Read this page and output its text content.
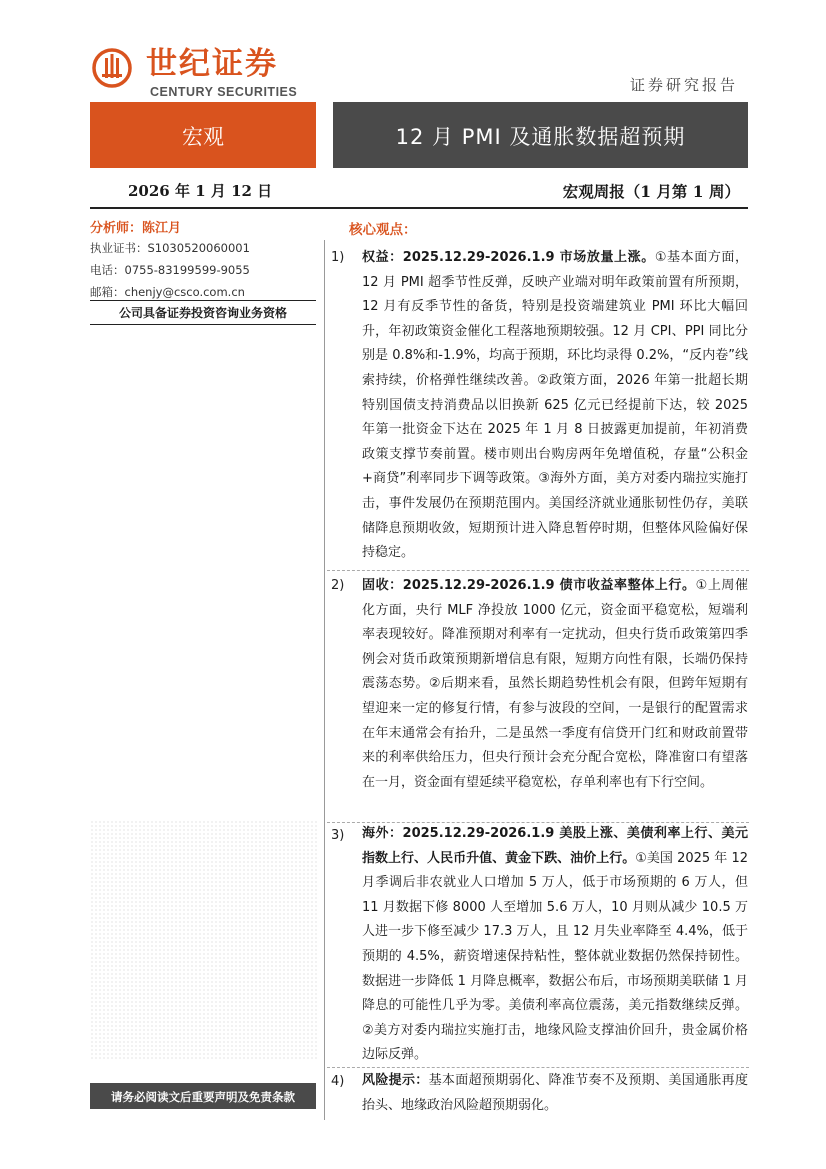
世纪证券
CENTURY SECURITIES	证券研究报告
宏观	12 月 PMI 及通胀数据超预期
2026 年 1 月 12 日	宏观周报（1 月第 1 周）
分析师：陈江月
执业证书：S1030520060001
电话：0755-83199599-9055
邮箱：chenjy@csco.com.cn
公司具备证券投资咨询业务资格
请务必阅读文后重要声明及免责条款
核心观点：
1) 权益：2025.12.29-2026.1.9 市场放量上涨。①基本面方面，12 月 PMI 超季节性反弹，反映产业端对明年政策前置有所预期， 12 月有反季节性的备货，特别是投资端建筑业 PMI 环比大幅回升，年初政策资金催化工程落地预期较强。12 月 CPI、PPI 同比分别是 0.8%和-1.9%，均高于预期，环比均录得 0.2%，“反内卷”线索持续，价格弹性继续改善。②政策方面，2026 年第一批超长期特别国债支持消费品以旧换新 625 亿元已经提前下达，较 2025 年第一批资金下达在 2025 年 1 月 8 日披露更加提前，年初消费政策支撑节奏前置。楼市则出台购房两年免增值税，存量“公积金+商贷”利率同步下调等政策。③海外方面，美方对委内瑞拉实施打击，事件发展仍在预期范围内。美国经济就业通胀韧性仍存，美联储降息预期收敛，短期预计进入降息暂停时期，但整体风险偏好保持稳定。
2) 固收：2025.12.29-2026.1.9 债市收益率整体上行。①上周催化方面，央行 MLF 净投放 1000 亿元，资金面平稳宽松，短端利率表现较好。降准预期对利率有一定扰动，但央行货币政策第四季例会对货币政策预期新增信息有限，短期方向性有限，长端仍保持震荡态势。②后期来看，虽然长期趋势性机会有限，但跨年短期有望迎来一定的修复行情，有参与波段的空间，一是银行的配置需求在年末通常会有抬升，二是虽然一季度有信贷开门红和财政前置带来的利率供给压力，但央行预计会充分配合宽松，降准窗口有望落在一月，资金面有望延续平稳宽松，存单利率也有下行空间。
3) 海外：2025.12.29-2026.1.9 美股上涨、美债利率上行、美元指数上行、人民币升值、黄金下跌、油价上行。①美国 2025 年 12 月季调后非农就业人口增加 5 万人，低于市场预期的 6 万人，但 11 月数据下修 8000 人至增加 5.6 万人，10 月则从减少 10.5 万人进一步下修至减少 17.3 万人，且 12 月失业率降至 4.4%，低于预期的 4.5%，薪资增速保持粘性，整体就业数据仍然保持韧性。数据进一步降低 1 月降息概率，数据公布后，市场预期美联储 1 月降息的可能性几乎为零。美债利率高位震荡，美元指数继续反弹。②美方对委内瑞拉实施打击，地缘风险支撑油价回升，贵金属价格边际反弹。
4) 风险提示：基本面超预期弱化、降准节奏不及预期、美国通胀再度抬头、地缘政治风险超预期弱化。
